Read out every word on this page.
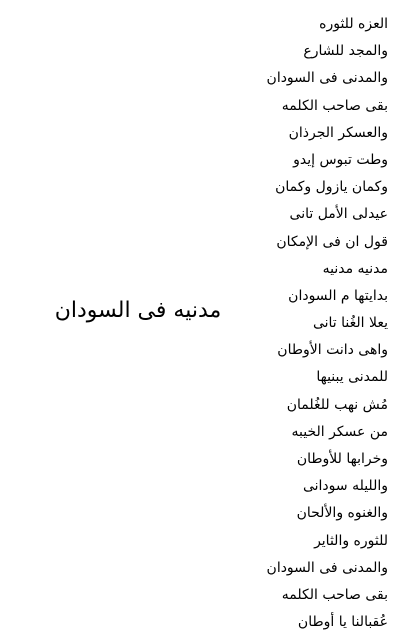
مدنيه فى السودان
العزه للثوره
والمجد للشارع
والمدنى فى السودان
بقى صاحب الكلمه
والعسكر الجرذان
وطت تبوس إيدو
وكمان يازول وكمان
عيدلى الأمل تانى
قول ان فى الإمكان
مدنيه مدنيه
بدايتها م السودان
يعلا الغُنا تانى
واهى دانت الأوطان
للمدنى يبنيها
مُش نهب للغُلمان
من عسكر الخيبه
وخرابها للأوطان
والليله سودانى
والغنوه والألحان
للثوره والثاير
والمدنى فى السودان
بقى صاحب الكلمه
عُقبالنا يا أوطان
